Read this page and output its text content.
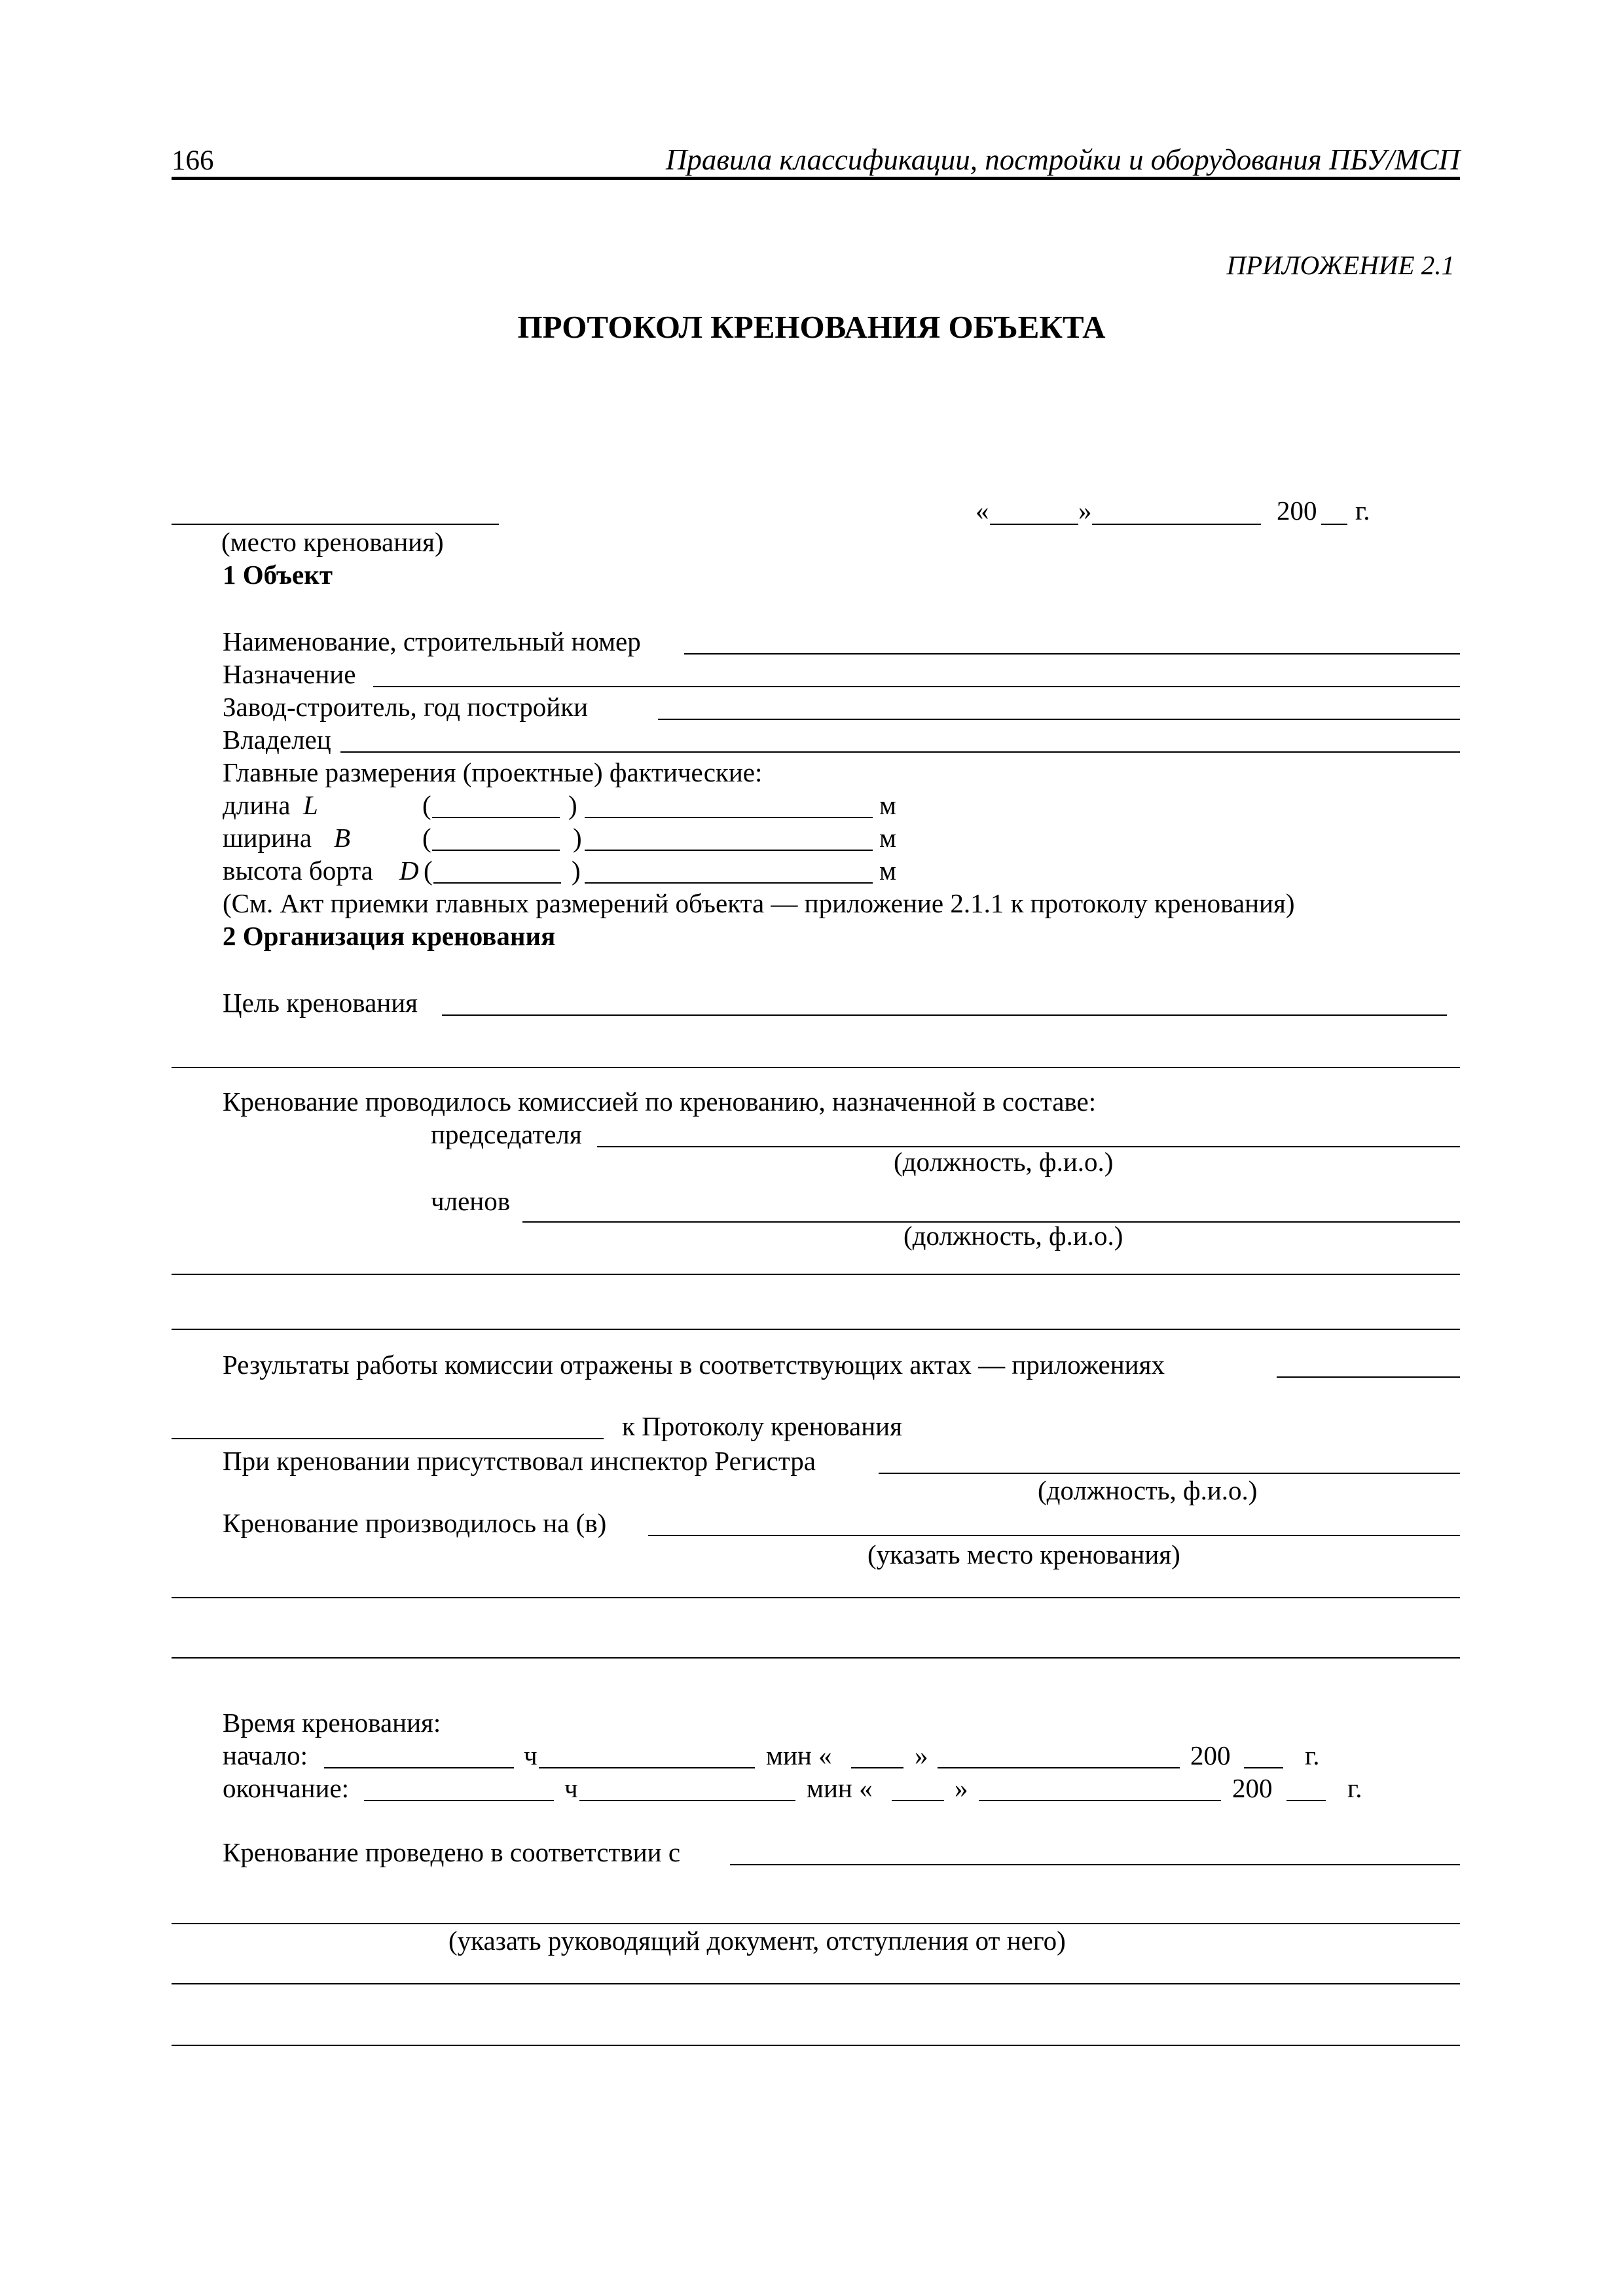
166	Правила классификации, постройки и оборудования ПБУ/МСП
ПРИЛОЖЕНИЕ 2.1
ПРОТОКОЛ КРЕНОВАНИЯ ОБЪЕКТА
«	»	200 г.
(место кренования)
1 Объект
Наименование, строительный номер
Назначение
Завод-строитель, год постройки
Владелец
Главные размерения (проектные) фактические:
длина L	(	)	м
ширина B	(	)	м
высота борта D (	)	м
(См. Акт приемки главных размерений объекта — приложение 2.1.1 к протоколу кренования)
2 Организация кренования
Цель кренования
Кренование проводилось комиссией по кренованию, назначенной в составе:
председателя
(должность, ф.и.о.)
членов
(должность, ф.и.о.)
Результаты работы комиссии отражены в соответствующих актах — приложениях
к Протоколу кренования
При креновании присутствовал инспектор Регистра
(должность, ф.и.о.)
Кренование производилось на (в)
(указать место кренования)
Время кренования:
начало:	ч	мин «	»	200	г.
окончание:	ч	мин «	»	200	г.
Кренование проведено в соответствии с
(указать руководящий документ, отступления от него)
